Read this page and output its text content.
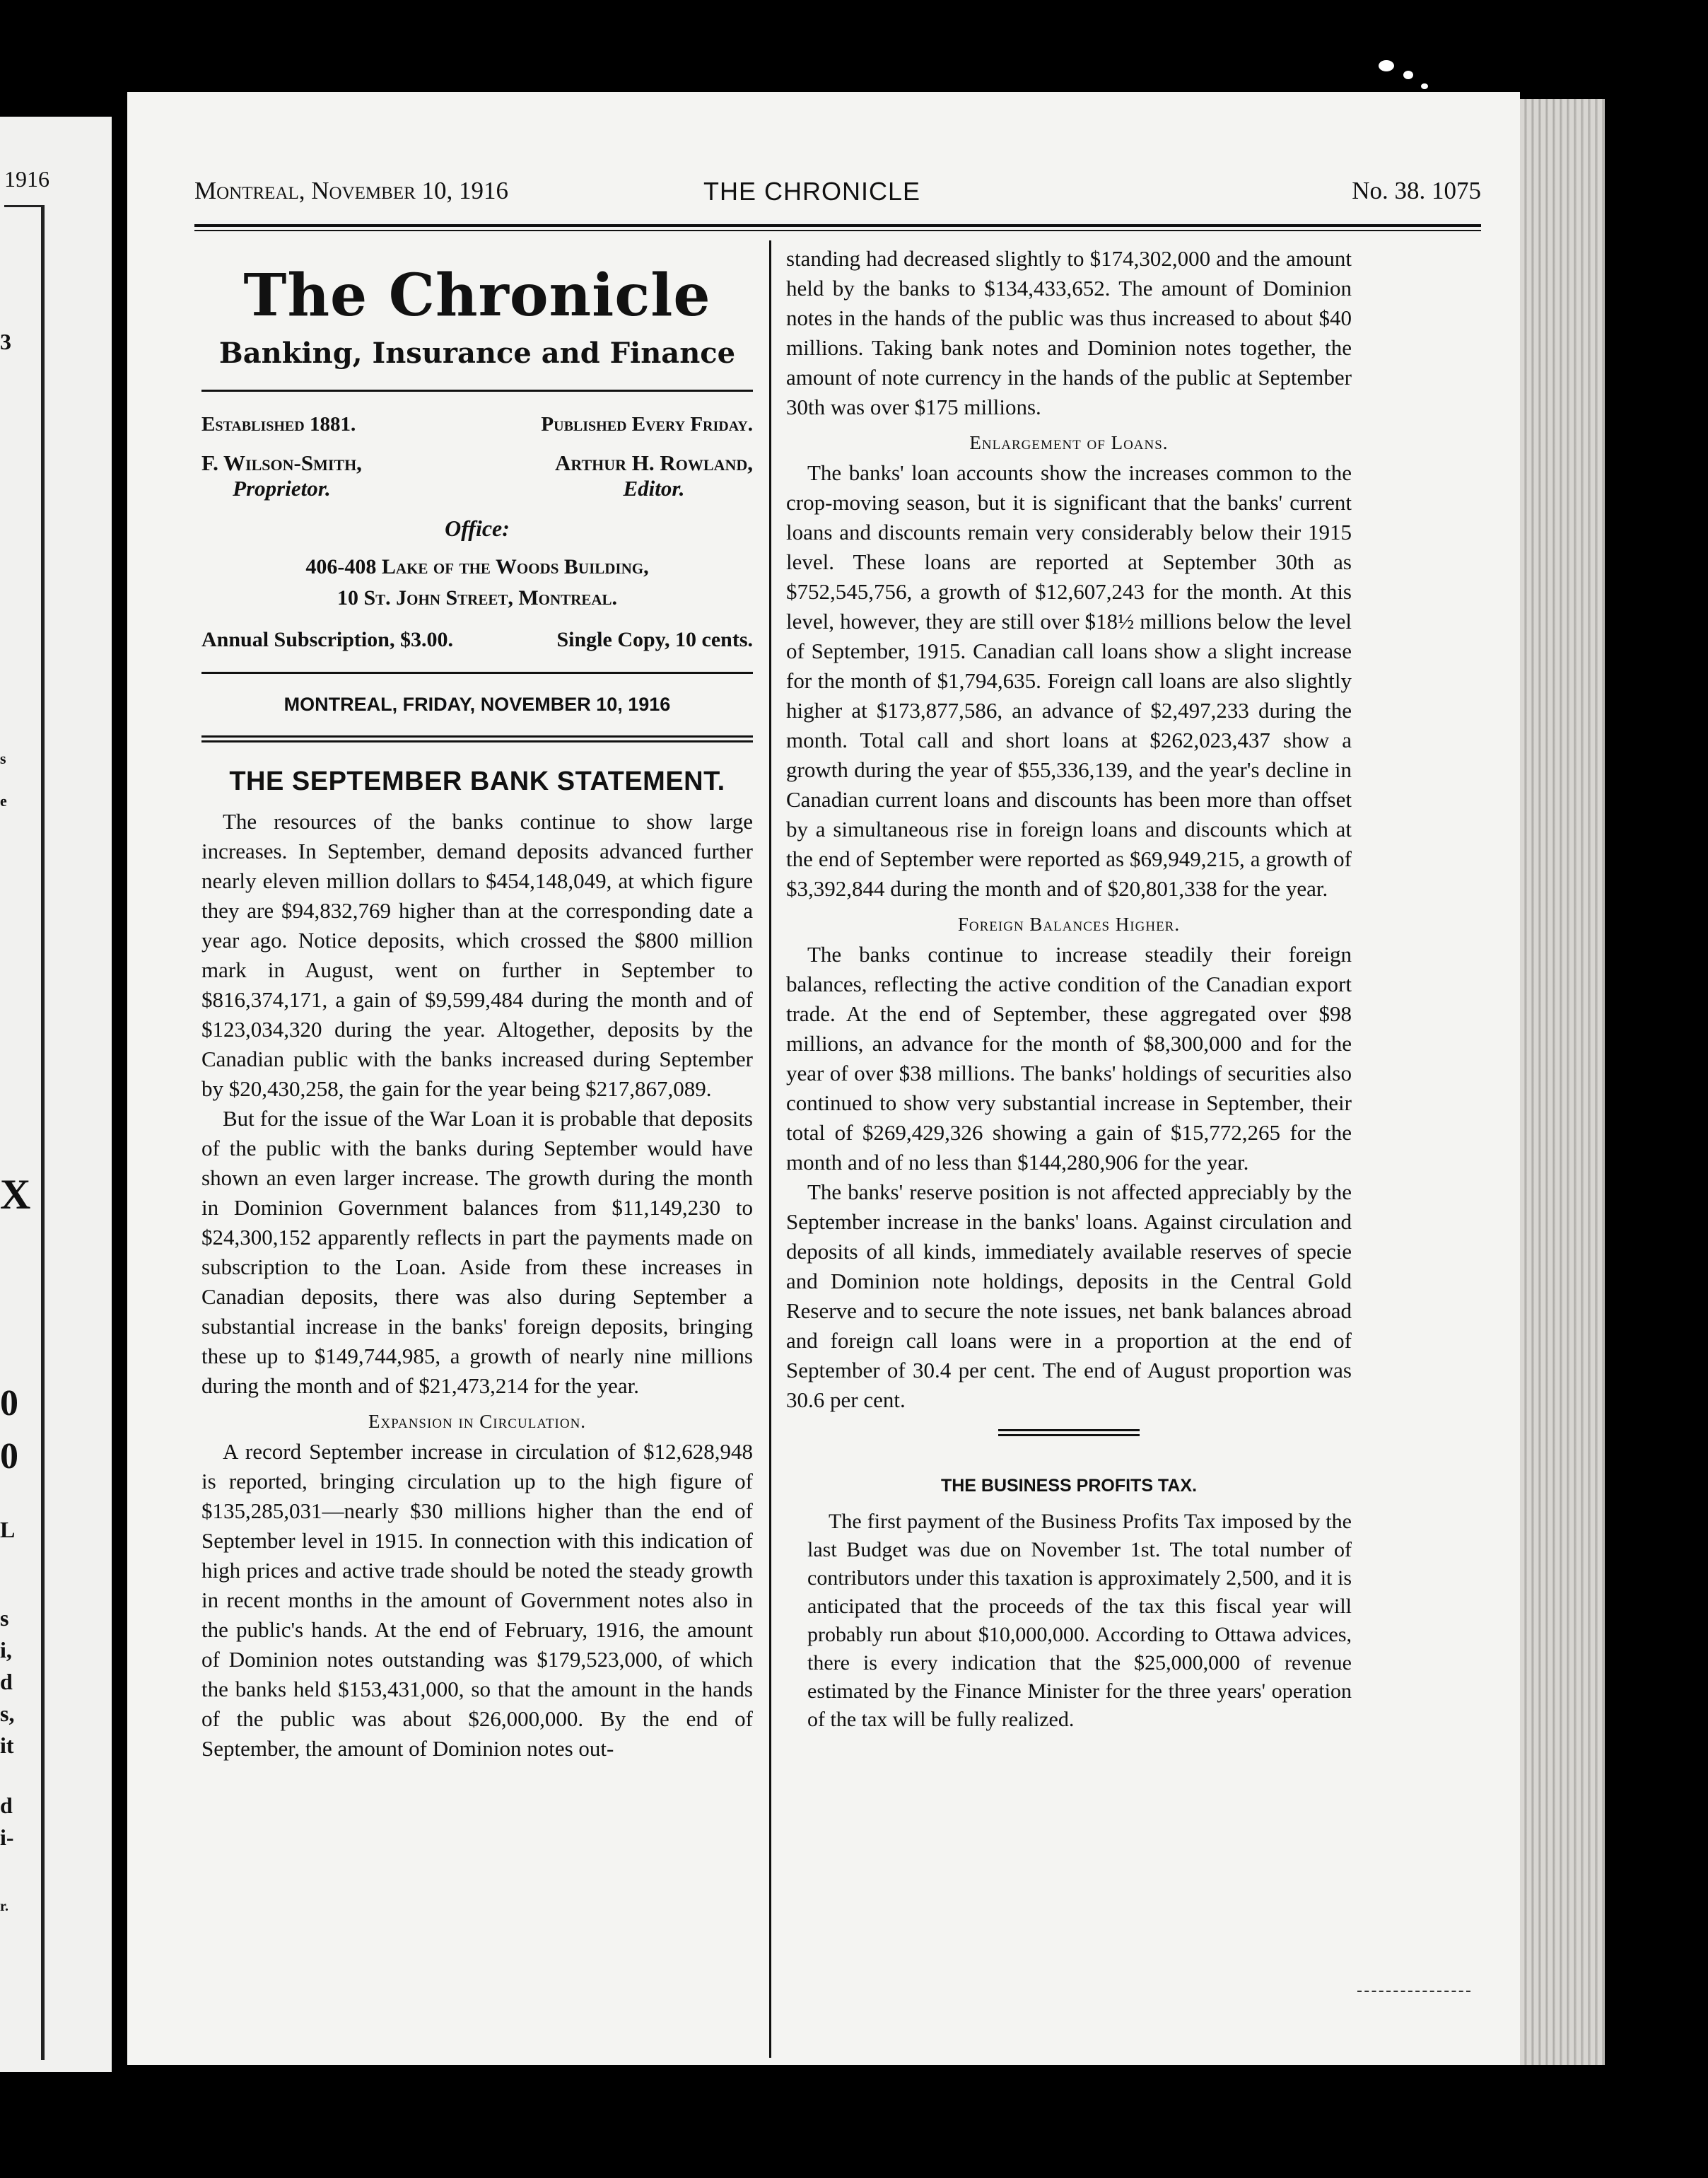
1916
3
s
e
X
0
0
L
s
i,
d
s,
it
d
i-
r.
Montreal, November 10, 1916	THE CHRONICLE	No. 38. 1075
The Chronicle
Banking, Insurance and Finance
Established 1881.	Published Every Friday.
F. Wilson-Smith,
Proprietor.
Arthur H. Rowland,
Editor.
Office:
406-408 Lake of the Woods Building,
10 St. John Street, Montreal.
Annual Subscription, $3.00.	Single Copy, 10 cents.
MONTREAL, FRIDAY, NOVEMBER 10, 1916
THE SEPTEMBER BANK STATEMENT.

The resources of the banks continue to show large increases. In September, demand deposits advanced further nearly eleven million dollars to $454,148,049, at which figure they are $94,832,769 higher than at the corresponding date a year ago. Notice deposits, which crossed the $800 million mark in August, went on further in September to $816,374,171, a gain of $9,599,484 during the month and of $123,034,320 during the year. Altogether, deposits by the Canadian public with the banks increased during September by $20,430,258, the gain for the year being $217,867,089.

But for the issue of the War Loan it is probable that deposits of the public with the banks during September would have shown an even larger increase. The growth during the month in Dominion Government balances from $11,149,230 to $24,300,152 apparently reflects in part the payments made on subscription to the Loan. Aside from these increases in Canadian deposits, there was also during September a substantial increase in the banks' foreign deposits, bringing these up to $149,744,985, a growth of nearly nine millions during the month and of $21,473,214 for the year.

Expansion in Circulation.

A record September increase in circulation of $12,628,948 is reported, bringing circulation up to the high figure of $135,285,031—nearly $30 millions higher than the end of September level in 1915. In connection with this indication of high prices and active trade should be noted the steady growth in recent months in the amount of Government notes also in the public's hands. At the end of February, 1916, the amount of Dominion notes outstanding was $179,523,000, of which the banks held $153,431,000, so that the amount in the hands of the public was about $26,000,000. By the end of September, the amount of Dominion notes out-

standing had decreased slightly to $174,302,000 and the amount held by the banks to $134,433,652. The amount of Dominion notes in the hands of the public was thus increased to about $40 millions. Taking bank notes and Dominion notes together, the amount of note currency in the hands of the public at September 30th was over $175 millions.

Enlargement of Loans.

The banks' loan accounts show the increases common to the crop-moving season, but it is significant that the banks' current loans and discounts remain very considerably below their 1915 level. These loans are reported at September 30th as $752,545,756, a growth of $12,607,243 for the month. At this level, however, they are still over $18½ millions below the level of September, 1915. Canadian call loans show a slight increase for the month of $1,794,635. Foreign call loans are also slightly higher at $173,877,586, an advance of $2,497,233 during the month. Total call and short loans at $262,023,437 show a growth during the year of $55,336,139, and the year's decline in Canadian current loans and discounts has been more than offset by a simultaneous rise in foreign loans and discounts which at the end of September were reported as $69,949,215, a growth of $3,392,844 during the month and of $20,801,338 for the year.

Foreign Balances Higher.

The banks continue to increase steadily their foreign balances, reflecting the active condition of the Canadian export trade. At the end of September, these aggregated over $98 millions, an advance for the month of $8,300,000 and for the year of over $38 millions. The banks' holdings of securities also continued to show very substantial increase in September, their total of $269,429,326 showing a gain of $15,772,265 for the month and of no less than $144,280,906 for the year.

The banks' reserve position is not affected appreciably by the September increase in the banks' loans. Against circulation and deposits of all kinds, immediately available reserves of specie and Dominion note holdings, deposits in the Central Gold Reserve and to secure the note issues, net bank balances abroad and foreign call loans were in a proportion at the end of September of 30.4 per cent. The end of August proportion was 30.6 per cent.

THE BUSINESS PROFITS TAX.

The first payment of the Business Profits Tax imposed by the last Budget was due on November 1st. The total number of contributors under this taxation is approximately 2,500, and it is anticipated that the proceeds of the tax this fiscal year will probably run about $10,000,000. According to Ottawa advices, there is every indication that the $25,000,000 of revenue estimated by the Finance Minister for the three years' operation of the tax will be fully realized.
